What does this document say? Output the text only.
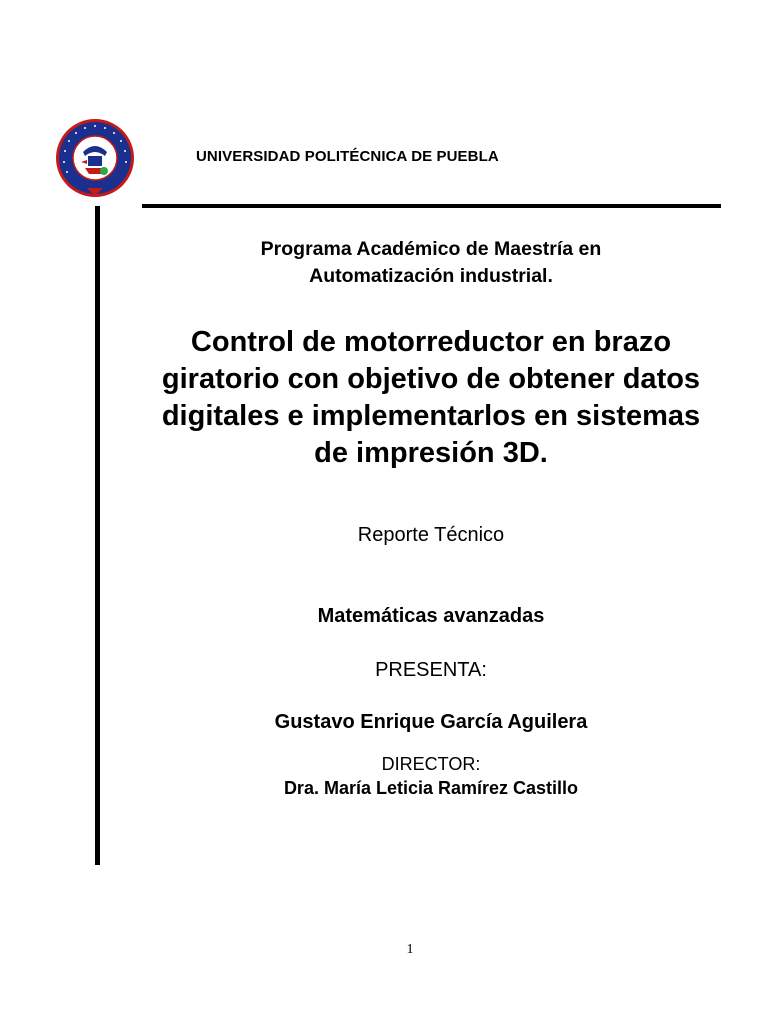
UNIVERSIDAD POLITÉCNICA DE PUEBLA
Programa Académico de Maestría en
Automatización industrial.
Control de motorreductor en brazo
giratorio con objetivo de obtener datos
digitales e implementarlos en sistemas
de impresión 3D.
Reporte Técnico
Matemáticas avanzadas
PRESENTA:
Gustavo Enrique García Aguilera
DIRECTOR:
Dra. María Leticia Ramírez Castillo
1
